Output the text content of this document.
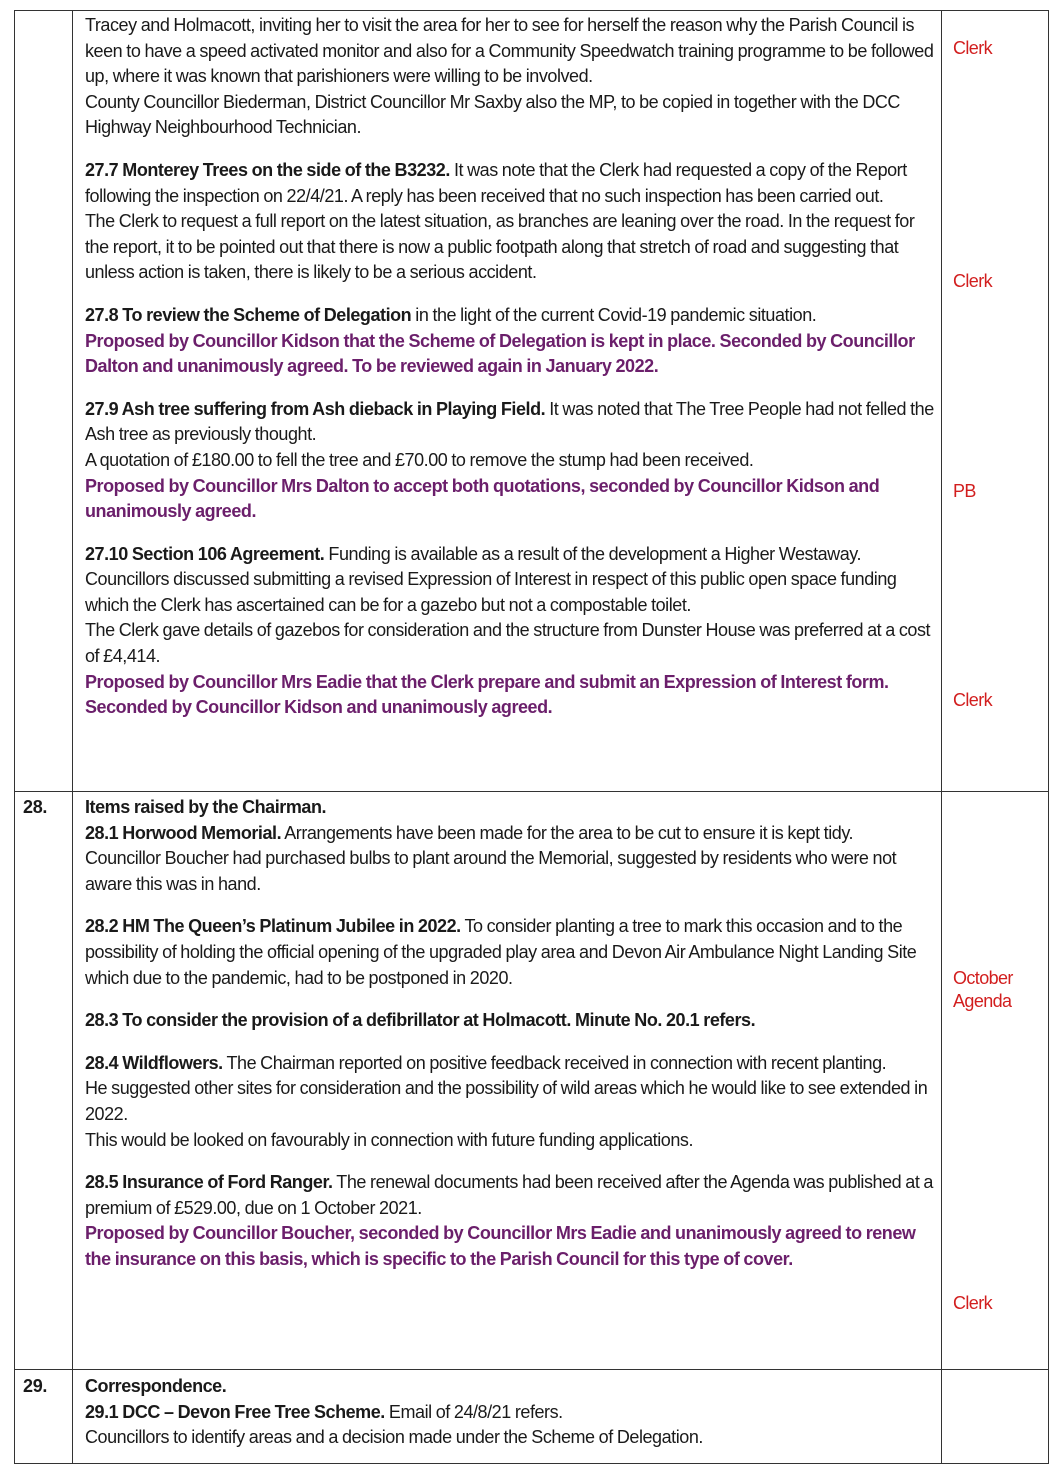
Tracey and Holmacott, inviting her to visit the area for her to see for herself the reason why the Parish Council is keen to have a speed activated monitor and also for a Community Speedwatch training programme to be followed up, where it was known that parishioners were willing to be involved.

County Councillor Biederman, District Councillor Mr Saxby also the MP, to be copied in together with the DCC Highway Neighbourhood Technician.

27.7 Monterey Trees on the side of the B3232. It was note that the Clerk had requested a copy of the Report following the inspection on 22/4/21. A reply has been received that no such inspection has been carried out.

The Clerk to request a full report on the latest situation, as branches are leaning over the road. In the request for the report, it to be pointed out that there is now a public footpath along that stretch of road and suggesting that unless action is taken, there is likely to be a serious accident.

27.8 To review the Scheme of Delegation in the light of the current Covid-19 pandemic situation.

Proposed by Councillor Kidson that the Scheme of Delegation is kept in place. Seconded by Councillor Dalton and unanimously agreed. To be reviewed again in January 2022.

27.9 Ash tree suffering from Ash dieback in Playing Field. It was noted that The Tree People had not felled the Ash tree as previously thought.

A quotation of £180.00 to fell the tree and £70.00 to remove the stump had been received.

Proposed by Councillor Mrs Dalton to accept both quotations, seconded by Councillor Kidson and unanimously agreed.

27.10 Section 106 Agreement. Funding is available as a result of the development a Higher Westaway.

Councillors discussed submitting a revised Expression of Interest in respect of this public open space funding which the Clerk has ascertained can be for a gazebo but not a compostable toilet.

The Clerk gave details of gazebos for consideration and the structure from Dunster House was preferred at a cost of £4,414.

Proposed by Councillor Mrs Eadie that the Clerk prepare and submit an Expression of Interest form. Seconded by Councillor Kidson and unanimously agreed.

Clerk
Clerk
PB
Clerk
28. Items raised by the Chairman.

28.1 Horwood Memorial. Arrangements have been made for the area to be cut to ensure it is kept tidy.

Councillor Boucher had purchased bulbs to plant around the Memorial, suggested by residents who were not aware this was in hand.

28.2 HM The Queen’s Platinum Jubilee in 2022. To consider planting a tree to mark this occasion and to the possibility of holding the official opening of the upgraded play area and Devon Air Ambulance Night Landing Site which due to the pandemic, had to be postponed in 2020.

28.3 To consider the provision of a defibrillator at Holmacott. Minute No. 20.1 refers.

28.4 Wildflowers. The Chairman reported on positive feedback received in connection with recent planting.

He suggested other sites for consideration and the possibility of wild areas which he would like to see extended in 2022.

This would be looked on favourably in connection with future funding applications.

28.5 Insurance of Ford Ranger. The renewal documents had been received after the Agenda was published at a premium of £529.00, due on 1 October 2021.

Proposed by Councillor Boucher, seconded by Councillor Mrs Eadie and unanimously agreed to renew the insurance on this basis, which is specific to the Parish Council for this type of cover.

October Agenda
Clerk
29. Correspondence.

29.1 DCC – Devon Free Tree Scheme. Email of 24/8/21 refers.

Councillors to identify areas and a decision made under the Scheme of Delegation.
